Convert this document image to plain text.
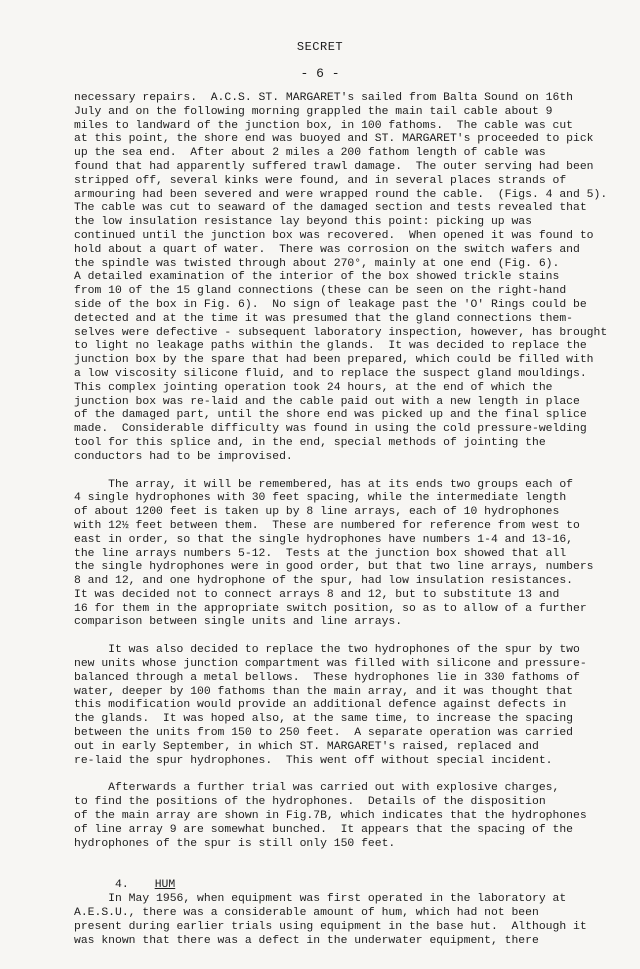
SECRET
- 6 -
necessary repairs.  A.C.S. ST. MARGARET's sailed from Balta Sound on 16th
July and on the following morning grappled the main tail cable about 9
miles to landward of the junction box, in 100 fathoms.  The cable was cut
at this point, the shore end was buoyed and ST. MARGARET's proceeded to pick
up the sea end.  After about 2 miles a 200 fathom length of cable was
found that had apparently suffered trawl damage.  The outer serving had been
stripped off, several kinks were found, and in several places strands of
armouring had been severed and were wrapped round the cable.  (Figs. 4 and 5).
The cable was cut to seaward of the damaged section and tests revealed that
the low insulation resistance lay beyond this point: picking up was
continued until the junction box was recovered.  When opened it was found to
hold about a quart of water.  There was corrosion on the switch wafers and
the spindle was twisted through about 270°, mainly at one end (Fig. 6).
A detailed examination of the interior of the box showed trickle stains
from 10 of the 15 gland connections (these can be seen on the right-hand
side of the box in Fig. 6).  No sign of leakage past the 'O' Rings could be
detected and at the time it was presumed that the gland connections them-
selves were defective - subsequent laboratory inspection, however, has brought
to light no leakage paths within the glands.  It was decided to replace the
junction box by the spare that had been prepared, which could be filled with
a low viscosity silicone fluid, and to replace the suspect gland mouldings.
This complex jointing operation took 24 hours, at the end of which the
junction box was re-laid and the cable paid out with a new length in place
of the damaged part, until the shore end was picked up and the final splice
made.  Considerable difficulty was found in using the cold pressure-welding
tool for this splice and, in the end, special methods of jointing the
conductors had to be improvised.
The array, it will be remembered, has at its ends two groups each of
4 single hydrophones with 30 feet spacing, while the intermediate length
of about 1200 feet is taken up by 8 line arrays, each of 10 hydrophones
with 12½ feet between them.  These are numbered for reference from west to
east in order, so that the single hydrophones have numbers 1-4 and 13-16,
the line arrays numbers 5-12.  Tests at the junction box showed that all
the single hydrophones were in good order, but that two line arrays, numbers
8 and 12, and one hydrophone of the spur, had low insulation resistances.
It was decided not to connect arrays 8 and 12, but to substitute 13 and
16 for them in the appropriate switch position, so as to allow of a further
comparison between single units and line arrays.
It was also decided to replace the two hydrophones of the spur by two
new units whose junction compartment was filled with silicone and pressure-
balanced through a metal bellows.  These hydrophones lie in 330 fathoms of
water, deeper by 100 fathoms than the main array, and it was thought that
this modification would provide an additional defence against defects in
the glands.  It was hoped also, at the same time, to increase the spacing
between the units from 150 to 250 feet.  A separate operation was carried
out in early September, in which ST. MARGARET's raised, replaced and
re-laid the spur hydrophones.  This went off without special incident.
Afterwards a further trial was carried out with explosive charges,
to find the positions of the hydrophones.  Details of the disposition
of the main array are shown in Fig.7B, which indicates that the hydrophones
of line array 9 are somewhat bunched.  It appears that the spacing of the
hydrophones of the spur is still only 150 feet.

4. HUM

In May 1956, when equipment was first operated in the laboratory at
A.E.S.U., there was a considerable amount of hum, which had not been
present during earlier trials using equipment in the base hut.  Although it
was known that there was a defect in the underwater equipment, there
